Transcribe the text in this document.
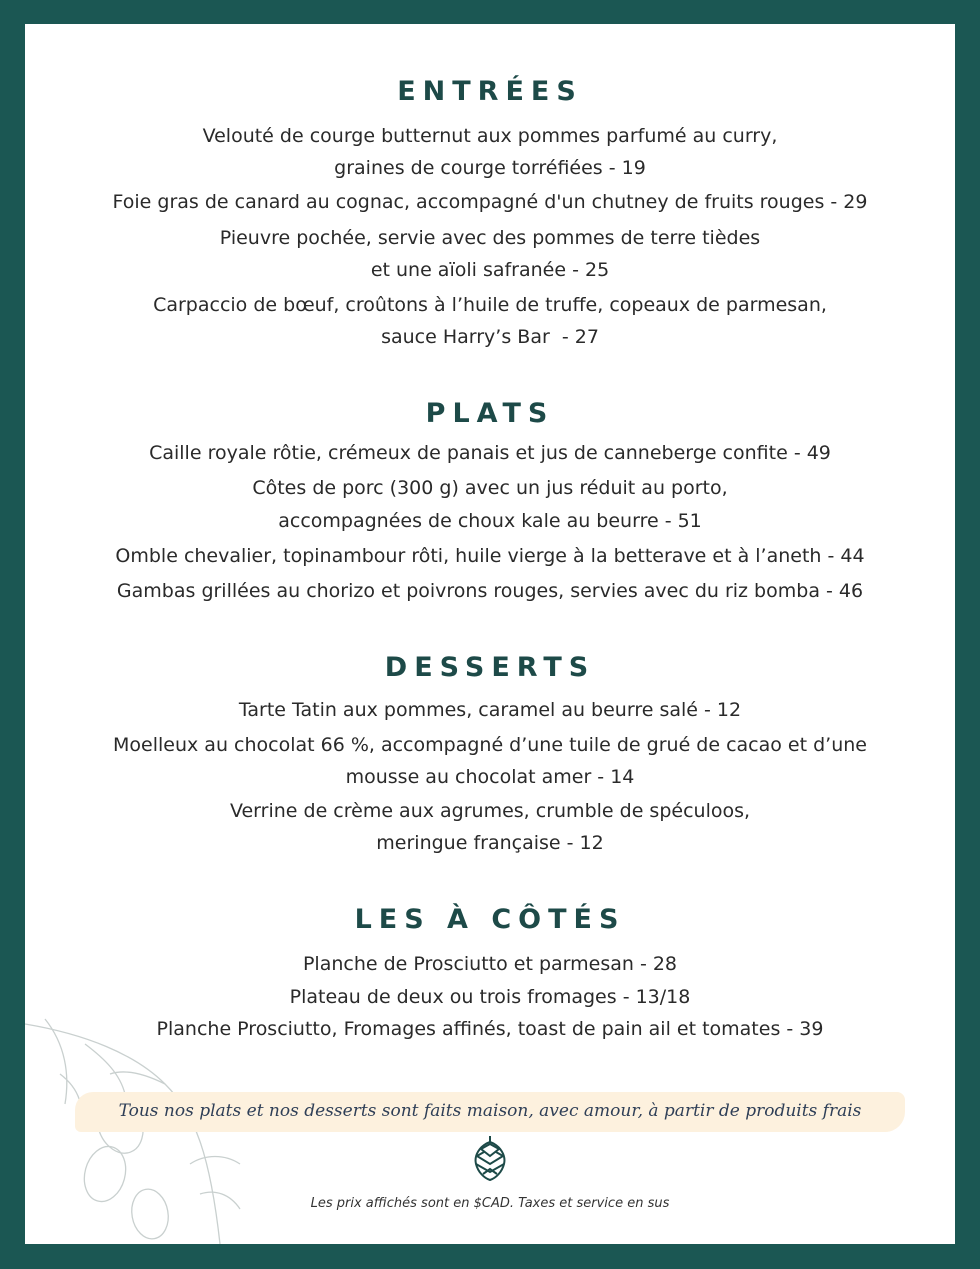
ENTRÉES
Velouté de courge butternut aux pommes parfumé au curry,
graines de courge torréfiées - 19
Foie gras de canard au cognac, accompagné d'un chutney de fruits rouges - 29
Pieuvre pochée, servie avec des pommes de terre tièdes
et une aïoli safranée - 25
Carpaccio de bœuf, croûtons à l’huile de truffe, copeaux de parmesan,
sauce Harry’s Bar  - 27
PLATS
Caille royale rôtie, crémeux de panais et jus de canneberge confite - 49
Côtes de porc (300 g) avec un jus réduit au porto,
accompagnées de choux kale au beurre - 51
Omble chevalier, topinambour rôti, huile vierge à la betterave et à l’aneth - 44
Gambas grillées au chorizo et poivrons rouges, servies avec du riz bomba - 46
DESSERTS
Tarte Tatin aux pommes, caramel au beurre salé - 12
Moelleux au chocolat 66 %, accompagné d’une tuile de grué de cacao et d’une
mousse au chocolat amer - 14
Verrine de crème aux agrumes, crumble de spéculoos,
meringue française - 12
LES À CÔTÉS
Planche de Prosciutto et parmesan - 28
Plateau de deux ou trois fromages - 13/18
Planche Prosciutto, Fromages affinés, toast de pain ail et tomates - 39
Tous nos plats et nos desserts sont faits maison, avec amour, à partir de produits frais
Les prix affichés sont en $CAD. Taxes et service en sus
